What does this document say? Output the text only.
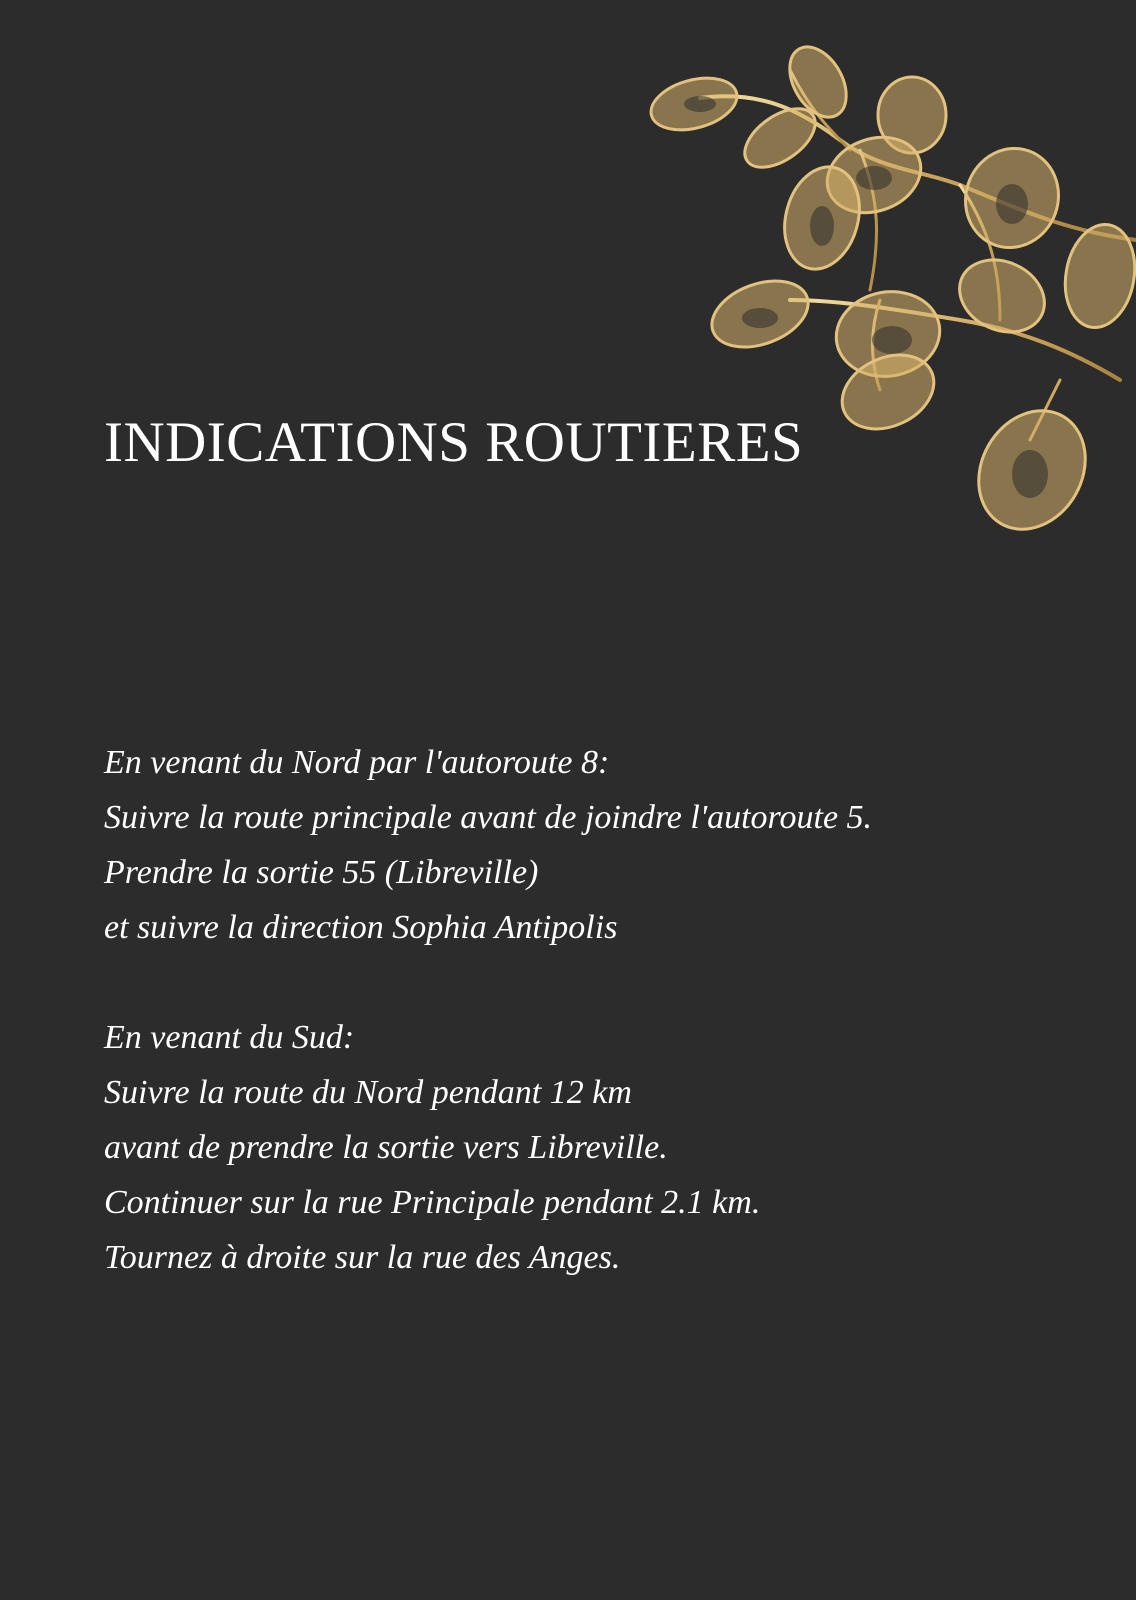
INDICATIONS ROUTIERES
En venant du Nord par l'autoroute 8:
Suivre la route principale avant de joindre l'autoroute 5.
Prendre la sortie 55 (Libreville)
et suivre la direction Sophia Antipolis
En venant du Sud:
Suivre la route du Nord pendant 12 km
avant de prendre la sortie vers Libreville.
Continuer sur la rue Principale pendant 2.1 km.
Tournez à droite sur la rue des Anges.
